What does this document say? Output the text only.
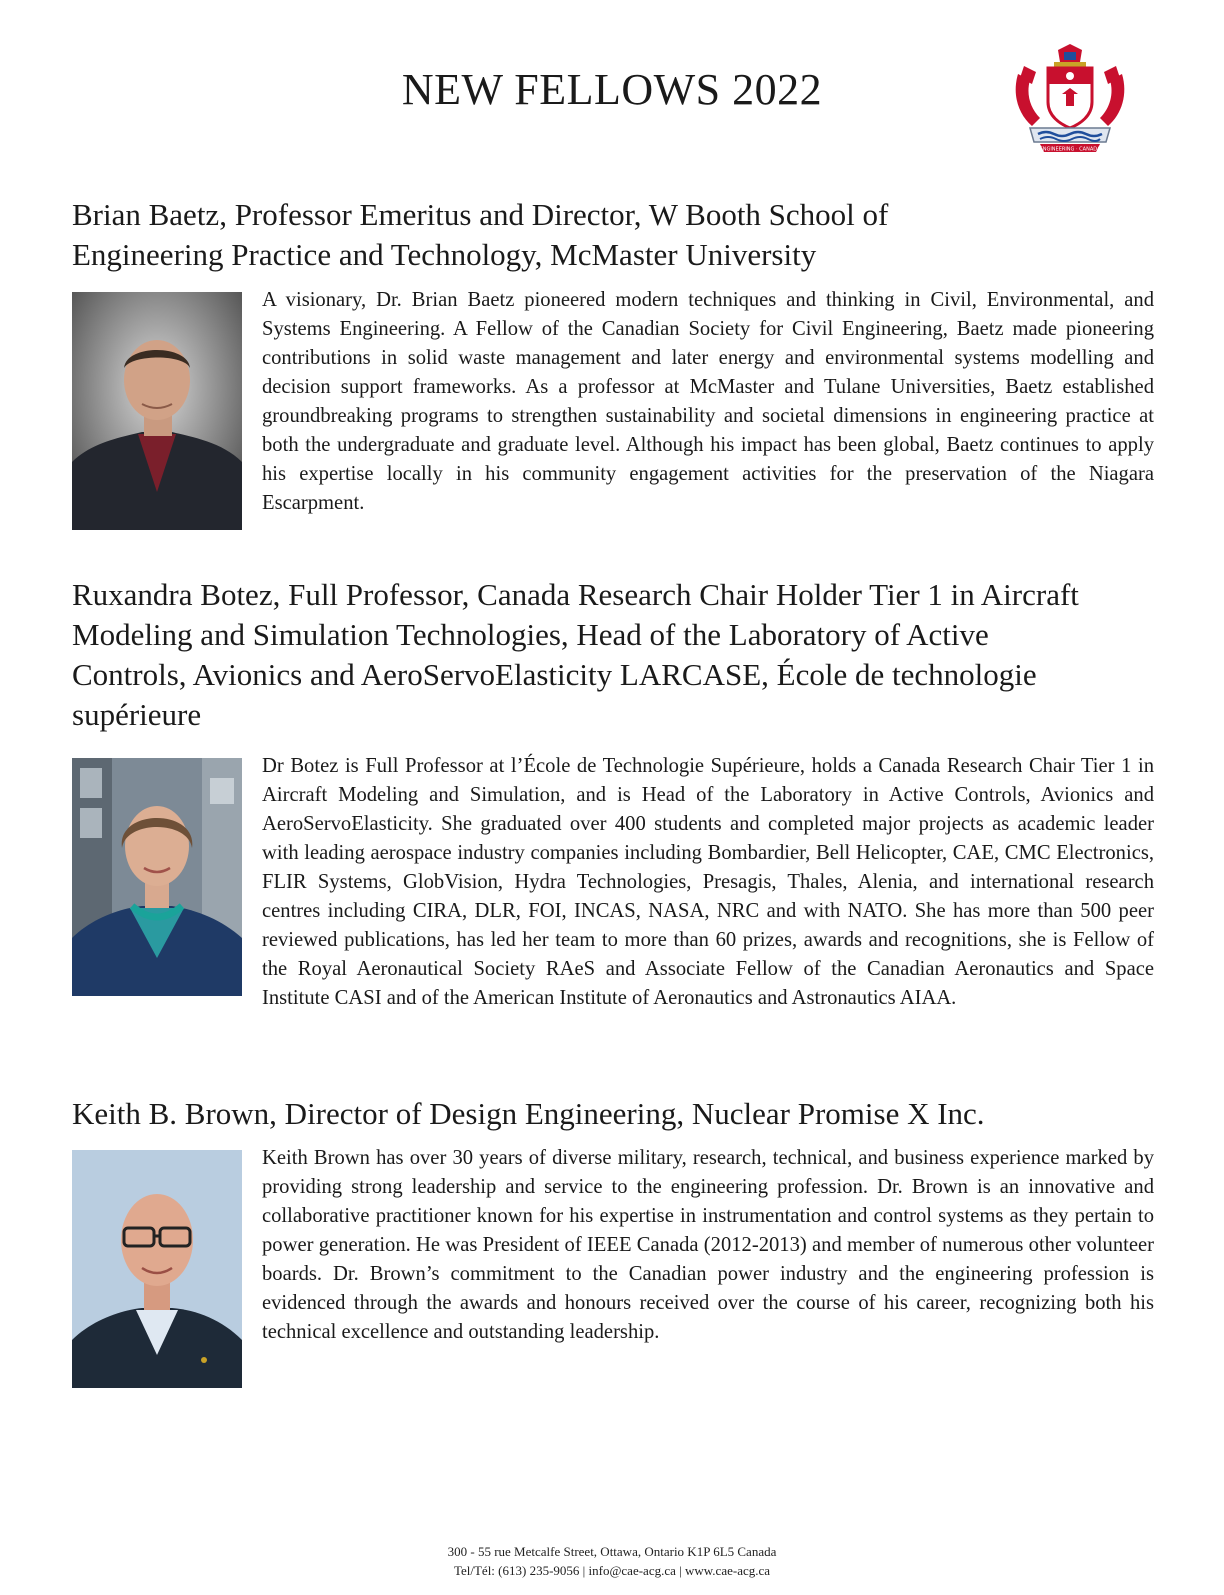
NEW FELLOWS 2022
ENGINEERING · CANADA
Brian Baetz, Professor Emeritus and Director, W Booth School of Engineering Practice and Technology, McMaster University

A visionary, Dr. Brian Baetz pioneered modern techniques and thinking in Civil, Environmental, and Systems Engineering. A Fellow of the Canadian Society for Civil Engineering, Baetz made pioneering contributions in solid waste management and later energy and environmental systems modelling and decision support frameworks. As a professor at McMaster and Tulane Universities, Baetz established groundbreaking programs to strengthen sustainability and societal dimensions in engineering practice at both the undergraduate and graduate level. Although his impact has been global, Baetz continues to apply his expertise locally in his community engagement activities for the preservation of the Niagara Escarpment.

Ruxandra Botez, Full Professor, Canada Research Chair Holder Tier 1 in Aircraft Modeling and Simulation Technologies, Head of the Laboratory of Active Controls, Avionics and AeroServoElasticity LARCASE, École de technologie supérieure

Dr Botez is Full Professor at l’École de Technologie Supérieure, holds a Canada Research Chair Tier 1 in Aircraft Modeling and Simulation, and is Head of the Laboratory in Active Controls, Avionics and AeroServoElasticity. She graduated over 400 students and completed major projects as academic leader with leading aerospace industry companies including Bombardier, Bell Helicopter, CAE, CMC Electronics, FLIR Systems, GlobVision, Hydra Technologies, Presagis, Thales, Alenia, and international research centres including CIRA, DLR, FOI, INCAS, NASA, NRC and with NATO. She has more than 500 peer reviewed publications, has led her team to more than 60 prizes, awards and recognitions, she is Fellow of the Royal Aeronautical Society RAeS and Associate Fellow of the Canadian Aeronautics and Space Institute CASI and of the American Institute of Aeronautics and Astronautics AIAA.

Keith B. Brown, Director of Design Engineering, Nuclear Promise X Inc.

Keith Brown has over 30 years of diverse military, research, technical, and business experience marked by providing strong leadership and service to the engineering profession. Dr. Brown is an innovative and collaborative practitioner known for his expertise in instrumentation and control systems as they pertain to power generation. He was President of IEEE Canada (2012-2013) and member of numerous other volunteer boards. Dr. Brown’s commitment to the Canadian power industry and the engineering profession is evidenced through the awards and honours received over the course of his career, recognizing both his technical excellence and outstanding leadership.

300 - 55 rue Metcalfe Street, Ottawa, Ontario K1P 6L5 Canada
Tel/Tél: (613) 235-9056 | info@cae-acg.ca | www.cae-acg.ca
